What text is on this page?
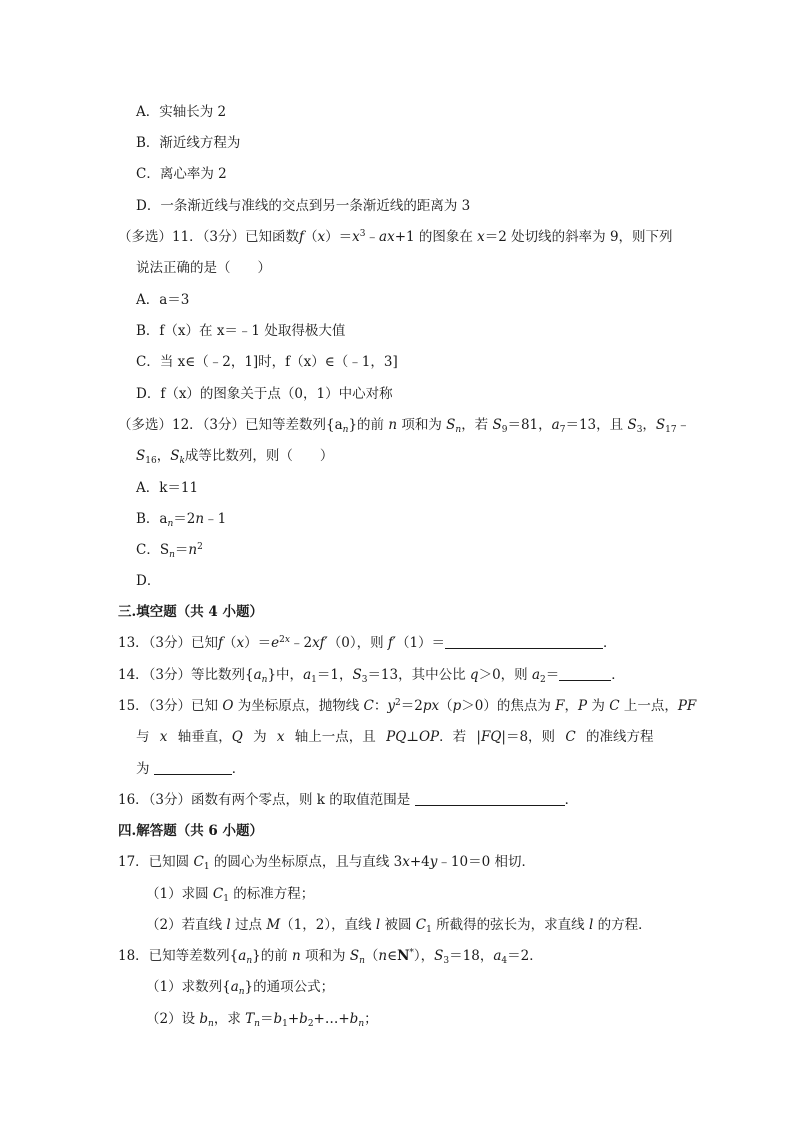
A．实轴长为 2
B．渐近线方程为
C．离心率为 2
D．一条渐近线与准线的交点到另一条渐近线的距离为 3
（多选）11．（3分）已知函数$f(x)=x^3﹣ax+1$ 的图象在 x＝2 处切线的斜率为 9，则下列
说法正确的是（　　）
A．a＝3
B．f（x）在 x＝﹣1 处取得极大值
C．当 x∈（﹣2，1]时，f（x）∈（﹣1，3]
D．f（x）的图象关于点（0，1）中心对称
（多选）12．（3分）已知等差数列$\{a_n\}$的前 n 项和为 $S_n$，若 $S_9=81$，$a_7=13$，且 $S_3$，$S_{17}﹣$
$S_{16}$，$S_k$成等比数列，则（　　）
A．k＝11
B．$a_n=2n﹣1$
C．$S_n=n^2$
D．
三.填空题（共 4 小题）
13．（3分）已知$f(x)=e^{2x}﹣2xf'(0)$，则 f′（1）＝	．
14．（3分）等比数列$\{a_n\}$中，$a_1=1$，$S_3=13$，其中公比 q＞0，则 $a_2=$	．
15．（3分）已知 O 为坐标原点，抛物线 C：$y^2=2px(p>0)$的焦点为 F，P 为 C 上一点，PF
与 x 轴垂直，Q 为 x 轴上一点，且 PQ⊥OP．若 |FQ|＝8，则 C 的准线方程
为	．
16．（3分）函数有两个零点，则 k 的取值范围是	．
四.解答题（共 6 小题）
17．已知圆 $C_1$ 的圆心为坐标原点，且与直线 3x+4y﹣10＝0 相切．
（1）求圆 $C_1$ 的标准方程；
（2）若直线 l 过点 M（1，2），直线 l 被圆 $C_1$ 所截得的弦长为，求直线 l 的方程．
18．已知等差数列$\{a_n\}$的前 n 项和为 $S_n(n\in N^*)$，$S_3=18$，$a_4=2$．
（1）求数列$\{a_n\}$的通项公式；
（2）设 $b_n$，求 $T_n=b_1+b_2+\dots+b_n$；
